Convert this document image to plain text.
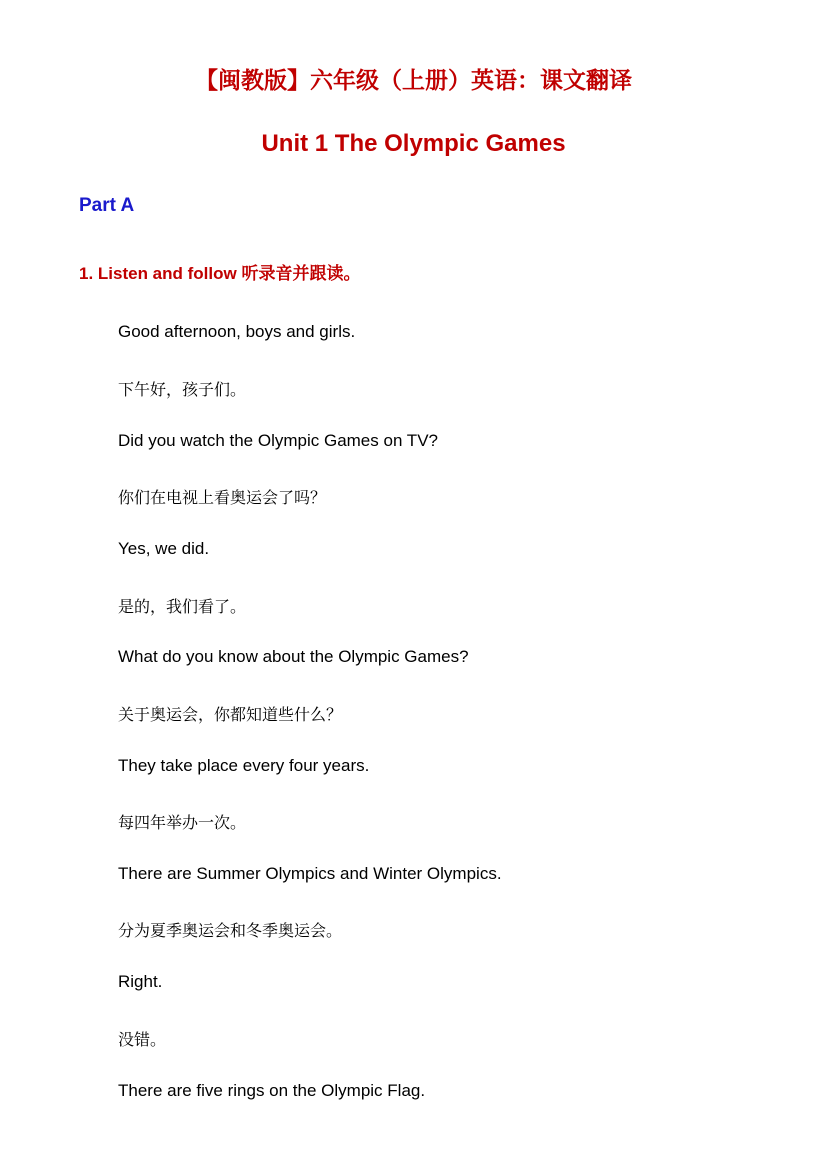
【闽教版】六年级（上册）英语：课文翻译
Unit 1 The Olympic Games
Part A
1. Listen and follow 听录音并跟读。

Good afternoon, boys and girls.

下午好，孩子们。

Did you watch the Olympic Games on TV?

你们在电视上看奥运会了吗？

Yes, we did.

是的，我们看了。

What do you know about the Olympic Games?

关于奥运会，你都知道些什么？

They take place every four years.

每四年举办一次。

There are Summer Olympics and Winter Olympics.

分为夏季奥运会和冬季奥运会。

Right.

没错。

There are five rings on the Olympic Flag.
